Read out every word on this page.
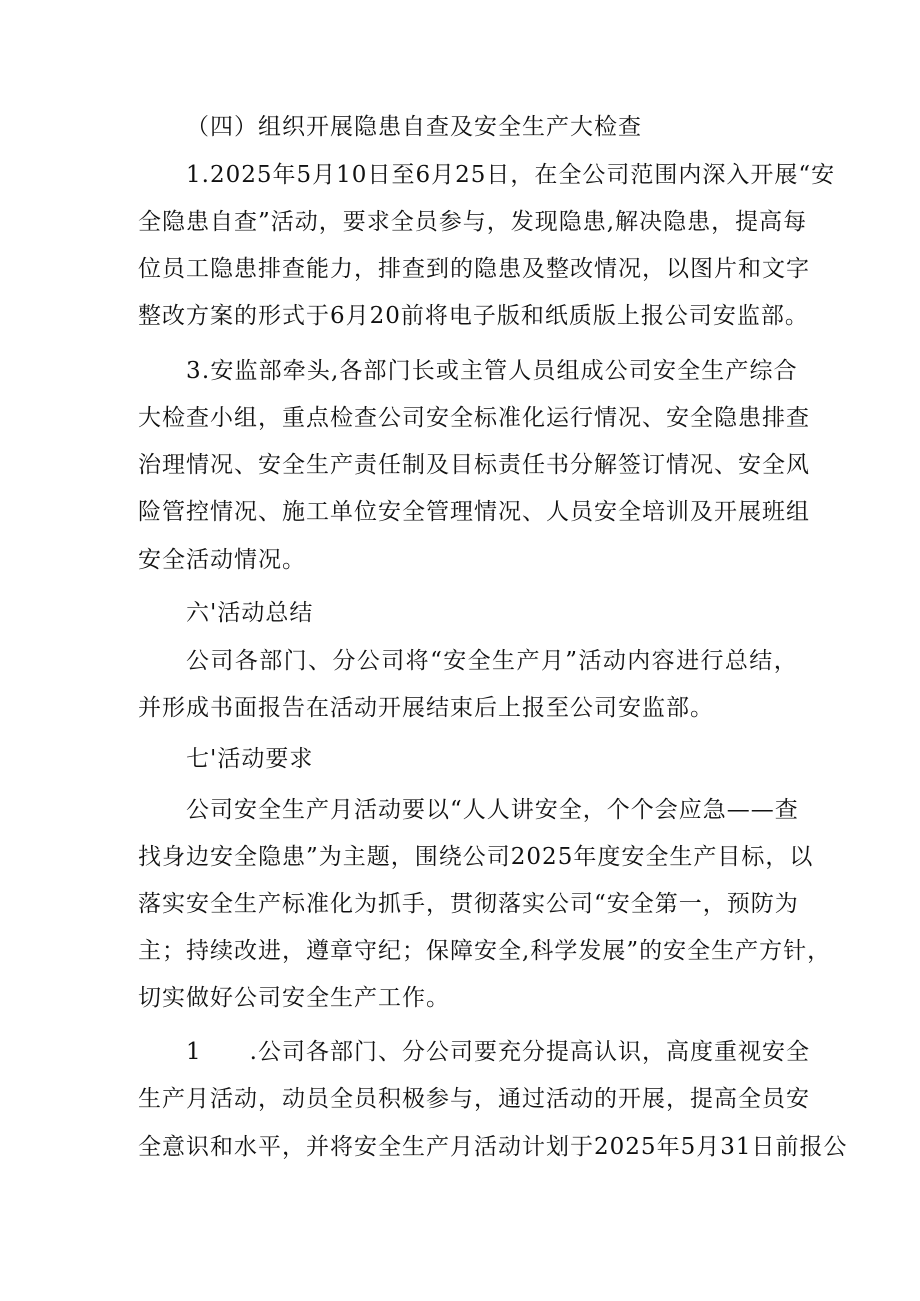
（四）组织开展隐患自查及安全生产大检查
1 . 2 0 2 5 年 5 月 1 0 日 至 6 月 2 5 日 ， 在 全 公 司 范 围 内 深 入 开 展 “ 安
全 隐 患 自 查 ” 活 动 ， 要 求 全 员 参 与 ， 发 现 隐 患 , 解 决 隐 患 ， 提 高 每
位 员 工 隐 患 排 查 能 力 ， 排 查 到 的 隐 患 及 整 改 情 况 ， 以 图 片 和 文 字
整 改 方 案 的 形 式 于 6 月 2 0 前 将 电 子 版 和 纸 质 版 上 报 公 司 安 监 部 。
3 . 安 监 部 牵 头 , 各 部 门 长 或 主 管 人 员 组 成 公 司 安 全 生 产 综 合
大 检 查 小 组 ， 重 点 检 查 公 司 安 全 标 准 化 运 行 情 况 、 安 全 隐 患 排 查
治 理 情 况 、 安 全 生 产 责 任 制 及 目 标 责 任 书 分 解 签 订 情 况 、 安 全 风
险 管 控 情 况 、 施 工 单 位 安 全 管 理 情 况 、 人 员 安 全 培 训 及 开 展 班 组
安全活动情况。
六'活动总结
公 司 各 部 门 、 分 公 司 将 “ 安 全 生 产 月 ” 活 动 内 容 进 行 总 结 ，
并形成书面报告在活动开展结束后上报至公司安监部。
七'活动要求
公 司 安 全 生 产 月 活 动 要 以 “ 人 人 讲 安 全 ， 个 个 会 应 急 — — 查
找 身 边 安 全 隐 患 ” 为 主 题 ， 围 绕 公 司 2 0 2 5 年 度 安 全 生 产 目 标 ， 以
落 实 安 全 生 产 标 准 化 为 抓 手 ， 贯 彻 落 实 公 司 “ 安 全 第 一 ， 预 防 为
主 ； 持 续 改 进 ， 遵 章 守 纪 ； 保 障 安 全 , 科 学 发 展 ” 的 安 全 生 产 方 针 ，
切实做好公司安全生产工作。
1

　 . 公 司 各 部 门 、 分 公 司 要 充 分 提 高 认 识 ， 高 度 重 视 安 全
生 产 月 活 动 ， 动 员 全 员 积 极 参 与 ， 通 过 活 动 的 开 展 ， 提 高 全 员 安
全 意 识 和 水 平 ， 并 将 安 全 生 产 月 活 动 计 划 于 2 0 2 5 年 5 月 3 1 日 前 报 公
